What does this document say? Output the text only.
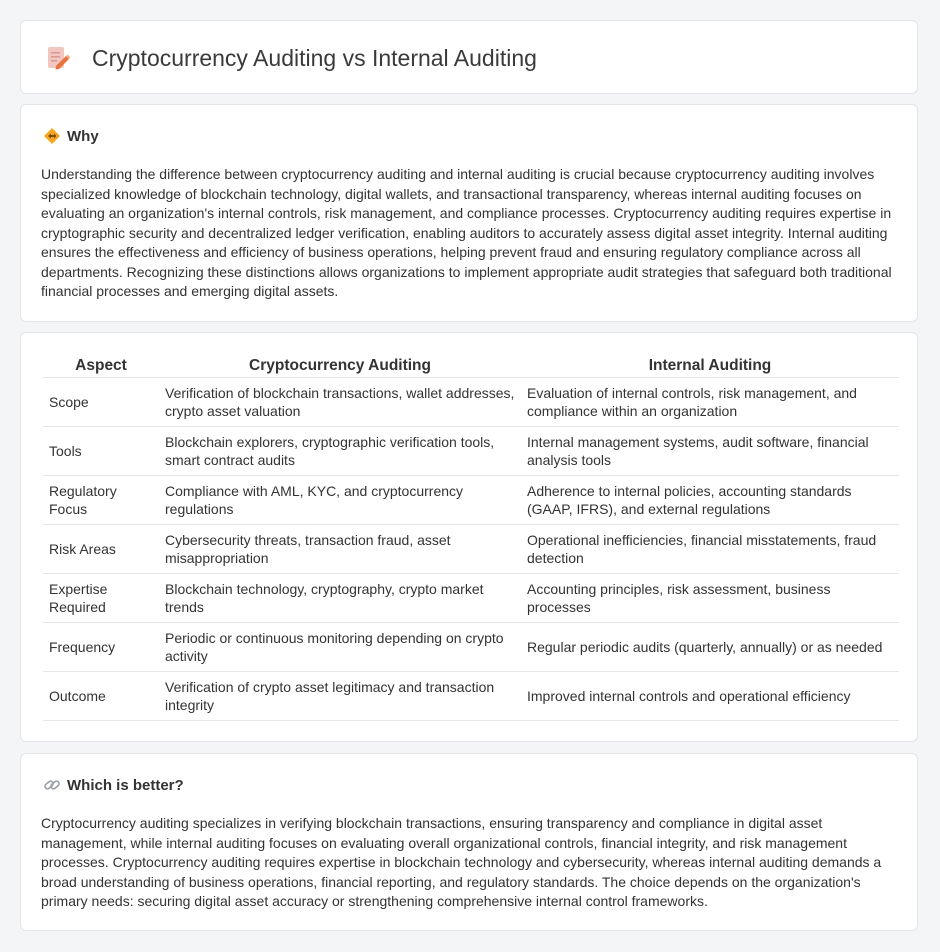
Cryptocurrency Auditing vs Internal Auditing
Why

Understanding the difference between cryptocurrency auditing and internal auditing is crucial because cryptocurrency auditing involves specialized knowledge of blockchain technology, digital wallets, and transactional transparency, whereas internal auditing focuses on evaluating an organization's internal controls, risk management, and compliance processes. Cryptocurrency auditing requires expertise in cryptographic security and decentralized ledger verification, enabling auditors to accurately assess digital asset integrity. Internal auditing ensures the effectiveness and efficiency of business operations, helping prevent fraud and ensuring regulatory compliance across all departments. Recognizing these distinctions allows organizations to implement appropriate audit strategies that safeguard both traditional financial processes and emerging digital assets.

Aspect	Cryptocurrency Auditing	Internal Auditing
Scope	Verification of blockchain transactions, wallet addresses, crypto asset valuation	Evaluation of internal controls, risk management, and compliance within an organization
Tools	Blockchain explorers, cryptographic verification tools, smart contract audits	Internal management systems, audit software, financial analysis tools
Regulatory Focus	Compliance with AML, KYC, and cryptocurrency regulations	Adherence to internal policies, accounting standards (GAAP, IFRS), and external regulations
Risk Areas	Cybersecurity threats, transaction fraud, asset misappropriation	Operational inefficiencies, financial misstatements, fraud detection
Expertise Required	Blockchain technology, cryptography, crypto market trends	Accounting principles, risk assessment, business processes
Frequency	Periodic or continuous monitoring depending on crypto activity	Regular periodic audits (quarterly, annually) or as needed
Outcome	Verification of crypto asset legitimacy and transaction integrity	Improved internal controls and operational efficiency
Which is better?

Cryptocurrency auditing specializes in verifying blockchain transactions, ensuring transparency and compliance in digital asset management, while internal auditing focuses on evaluating overall organizational controls, financial integrity, and risk management processes. Cryptocurrency auditing requires expertise in blockchain technology and cybersecurity, whereas internal auditing demands a broad understanding of business operations, financial reporting, and regulatory standards. The choice depends on the organization's primary needs: securing digital asset accuracy or strengthening comprehensive internal control frameworks.
